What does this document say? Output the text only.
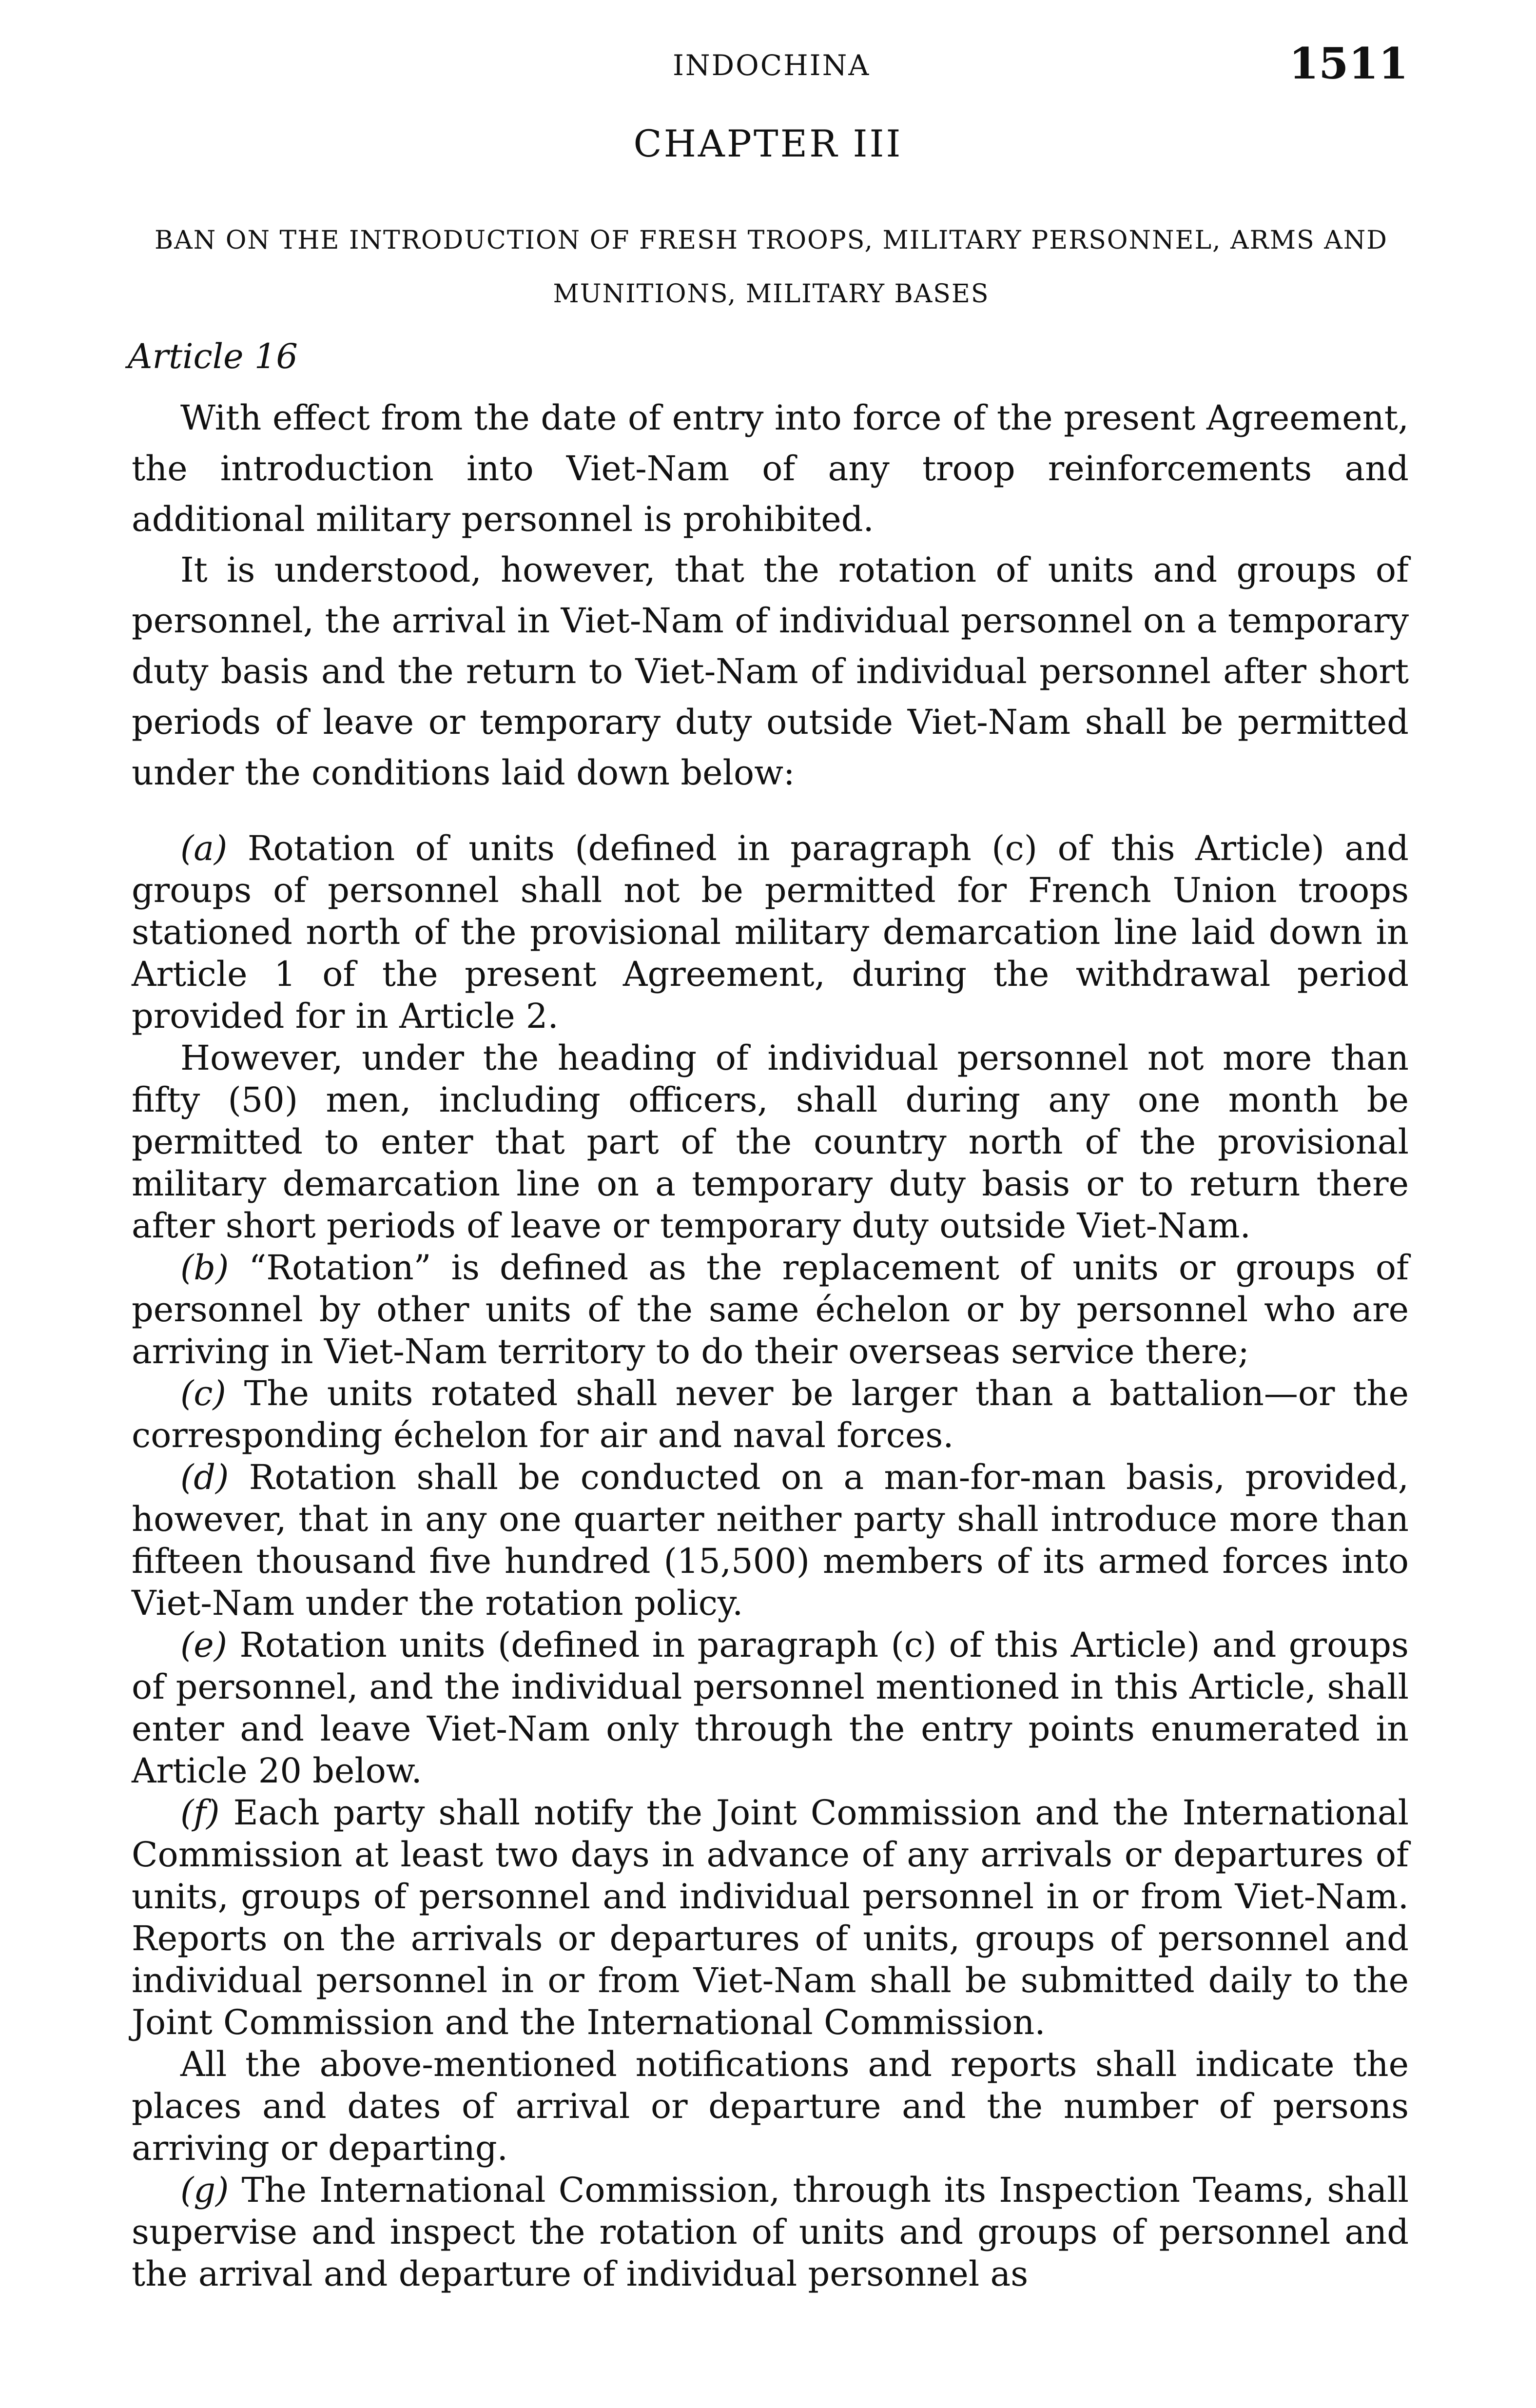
INDOCHINA	1511
CHAPTER III
BAN ON THE INTRODUCTION OF FRESH TROOPS, MILITARY PERSONNEL, ARMS AND MUNITIONS, MILITARY BASES
Article 16

With effect from the date of entry into force of the present Agreement, the introduction into Viet-Nam of any troop reinforcements and additional military personnel is prohibited.

It is understood, however, that the rotation of units and groups of personnel, the arrival in Viet-Nam of individual personnel on a temporary duty basis and the return to Viet-Nam of individual personnel after short periods of leave or temporary duty outside Viet-Nam shall be permitted under the conditions laid down below:

(a) Rotation of units (defined in paragraph (c) of this Article) and groups of personnel shall not be permitted for French Union troops stationed north of the provisional military demarcation line laid down in Article 1 of the present Agreement, during the withdrawal period provided for in Article 2.

However, under the heading of individual personnel not more than fifty (50) men, including officers, shall during any one month be permitted to enter that part of the country north of the provisional military demarcation line on a temporary duty basis or to return there after short periods of leave or temporary duty outside Viet-Nam.

(b) “Rotation” is defined as the replacement of units or groups of personnel by other units of the same échelon or by personnel who are arriving in Viet-Nam territory to do their overseas service there;

(c) The units rotated shall never be larger than a battalion—or the corresponding échelon for air and naval forces.

(d) Rotation shall be conducted on a man-for-man basis, provided, however, that in any one quarter neither party shall introduce more than fifteen thousand five hundred (15,500) members of its armed forces into Viet-Nam under the rotation policy.

(e) Rotation units (defined in paragraph (c) of this Article) and groups of personnel, and the individual personnel mentioned in this Article, shall enter and leave Viet-Nam only through the entry points enumerated in Article 20 below.

(f) Each party shall notify the Joint Commission and the International Commission at least two days in advance of any arrivals or departures of units, groups of personnel and individual personnel in or from Viet-Nam. Reports on the arrivals or departures of units, groups of personnel and individual personnel in or from Viet-Nam shall be submitted daily to the Joint Commission and the International Commission.

All the above-mentioned notifications and reports shall indicate the places and dates of arrival or departure and the number of persons arriving or departing.

(g) The International Commission, through its Inspection Teams, shall supervise and inspect the rotation of units and groups of personnel and the arrival and departure of individual personnel as
